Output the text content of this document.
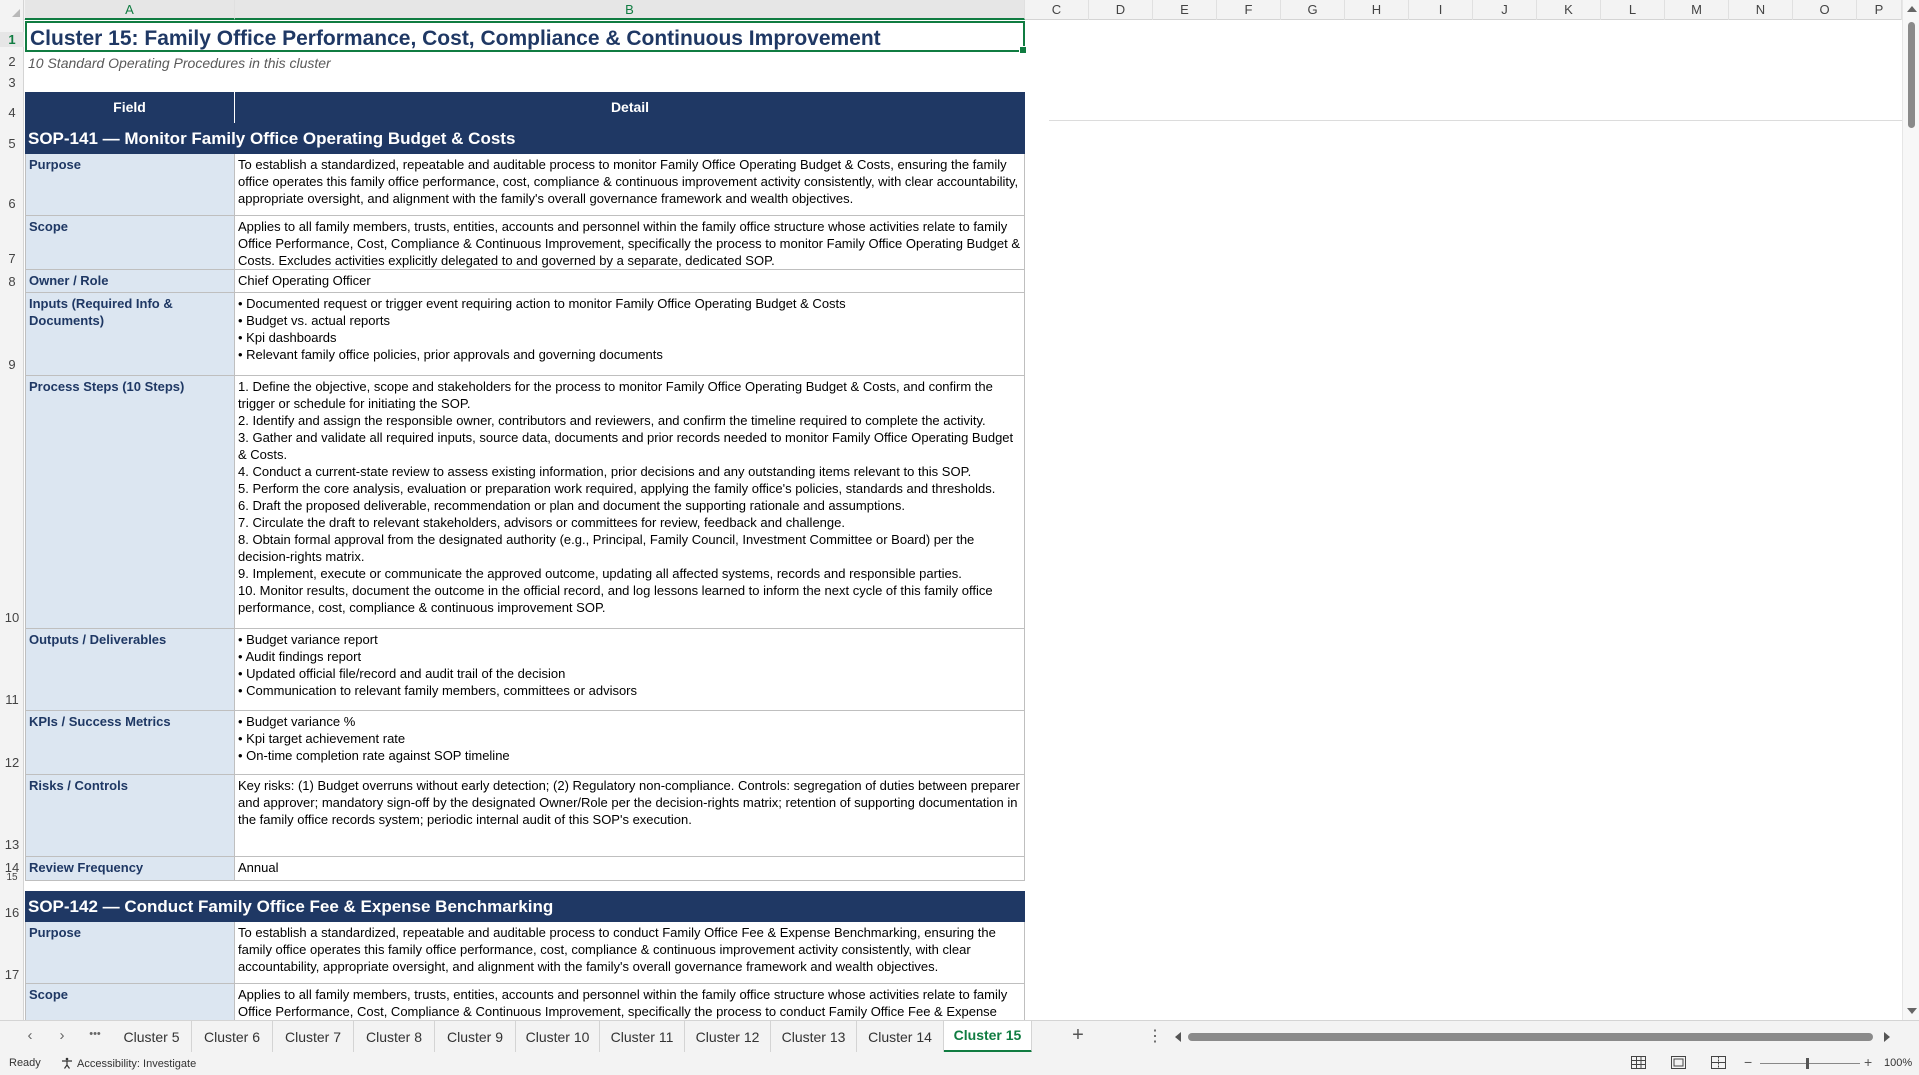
A	B	C	D	E	F	G	H	I	J	K	L	M	N	O	P
1
2
3
4
5
6
7
8
9
10
11
12
13
14
15
16
17
Cluster 15: Family Office Performance, Cost, Compliance & Continuous Improvement
10 Standard Operating Procedures in this cluster
Field	Detail
SOP-141 — Monitor Family Office Operating Budget & Costs
Purpose	To establish a standardized, repeatable and auditable process to monitor Family Office Operating Budget & Costs, ensuring the family office operates this family office performance, cost, compliance & continuous improvement activity consistently, with clear accountability, appropriate oversight, and alignment with the family's overall governance framework and wealth objectives.
Scope	Applies to all family members, trusts, entities, accounts and personnel within the family office structure whose activities relate to family Office Performance, Cost, Compliance & Continuous Improvement, specifically the process to monitor Family Office Operating Budget & Costs. Excludes activities explicitly delegated to and governed by a separate, dedicated SOP.
Owner / Role	Chief Operating Officer
Inputs (Required Info & Documents)
• Documented request or trigger event requiring action to monitor Family Office Operating Budget & Costs
• Budget vs. actual reports
• Kpi dashboards
• Relevant family office policies, prior approvals and governing documents
Process Steps (10 Steps)	1. Define the objective, scope and stakeholders for the process to monitor Family Office Operating Budget & Costs, and confirm the trigger or schedule for initiating the SOP.
2. Identify and assign the responsible owner, contributors and reviewers, and confirm the timeline required to complete the activity.
3. Gather and validate all required inputs, source data, documents and prior records needed to monitor Family Office Operating Budget & Costs.
4. Conduct a current-state review to assess existing information, prior decisions and any outstanding items relevant to this SOP.
5. Perform the core analysis, evaluation or preparation work required, applying the family office's policies, standards and thresholds.
6. Draft the proposed deliverable, recommendation or plan and document the supporting rationale and assumptions.
7. Circulate the draft to relevant stakeholders, advisors or committees for review, feedback and challenge.
8. Obtain formal approval from the designated authority (e.g., Principal, Family Council, Investment Committee or Board) per the decision-rights matrix.
9. Implement, execute or communicate the approved outcome, updating all affected systems, records and responsible parties.
10. Monitor results, document the outcome in the official record, and log lessons learned to inform the next cycle of this family office performance, cost, compliance & continuous improvement SOP.
Outputs / Deliverables	• Budget variance report
• Audit findings report
• Updated official file/record and audit trail of the decision
• Communication to relevant family members, committees or advisors
KPIs / Success Metrics	• Budget variance %
• Kpi target achievement rate
• On-time completion rate against SOP timeline
Risks / Controls	Key risks: (1) Budget overruns without early detection; (2) Regulatory non-compliance. Controls: segregation of duties between preparer and approver; mandatory sign-off by the designated Owner/Role per the decision-rights matrix; retention of supporting documentation in the family office records system; periodic internal audit of this SOP's execution.
Review Frequency	Annual
SOP-142 — Conduct Family Office Fee & Expense Benchmarking
Purpose	To establish a standardized, repeatable and auditable process to conduct Family Office Fee & Expense Benchmarking, ensuring the family office operates this family office performance, cost, compliance & continuous improvement activity consistently, with clear accountability, appropriate oversight, and alignment with the family's overall governance framework and wealth objectives.
Scope	Applies to all family members, trusts, entities, accounts and personnel within the family office structure whose activities relate to family Office Performance, Cost, Compliance & Continuous Improvement, specifically the process to conduct Family Office Fee & Expense
‹	›	•••	Cluster 5	Cluster 6	Cluster 7	Cluster 8	Cluster 9	Cluster 10	Cluster 11	Cluster 12	Cluster 13	Cluster 14	Cluster 15	+	⋮
Ready	Accessibility: Investigate	−	+ 100%
